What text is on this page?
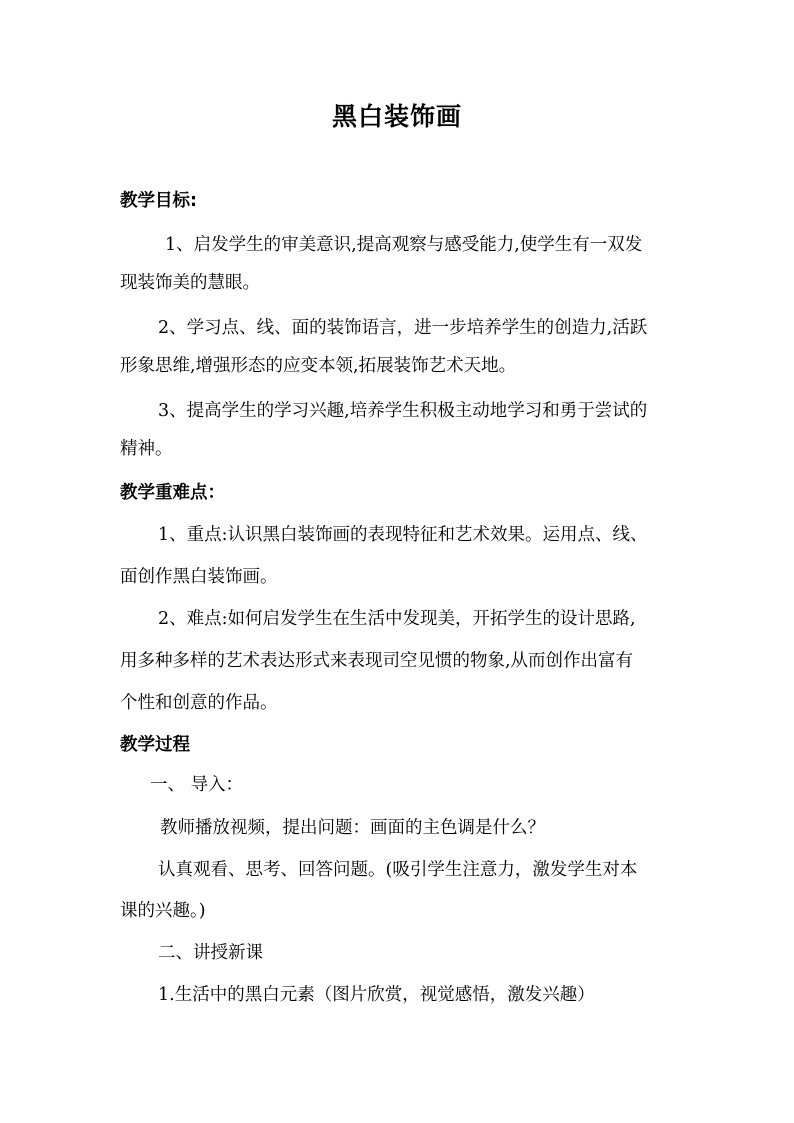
黑白装饰画
教学目标:
1、启发学生的审美意识,提高观察与感受能力,使学生有一双发
现装饰美的慧眼。
2、学习点、线、面的装饰语言，进一步培养学生的创造力,活跃
形象思维,增强形态的应变本领,拓展装饰艺术天地。
3、提高学生的学习兴趣,培养学生积极主动地学习和勇于尝试的
精神。
教学重难点：
1、重点:认识黑白装饰画的表现特征和艺术效果。运用点、线、
面创作黑白装饰画。
2、难点:如何启发学生在生活中发现美，开拓学生的设计思路,
用多种多样的艺术表达形式来表现司空见惯的物象,从而创作出富有
个性和创意的作品。
教学过程
一、 导入：
教师播放视频，提出问题：画面的主色调是什么？
认真观看、思考、回答问题。(吸引学生注意力，激发学生对本
课的兴趣。)
二、讲授新课
1.生活中的黑白元素（图片欣赏，视觉感悟，激发兴趣）
